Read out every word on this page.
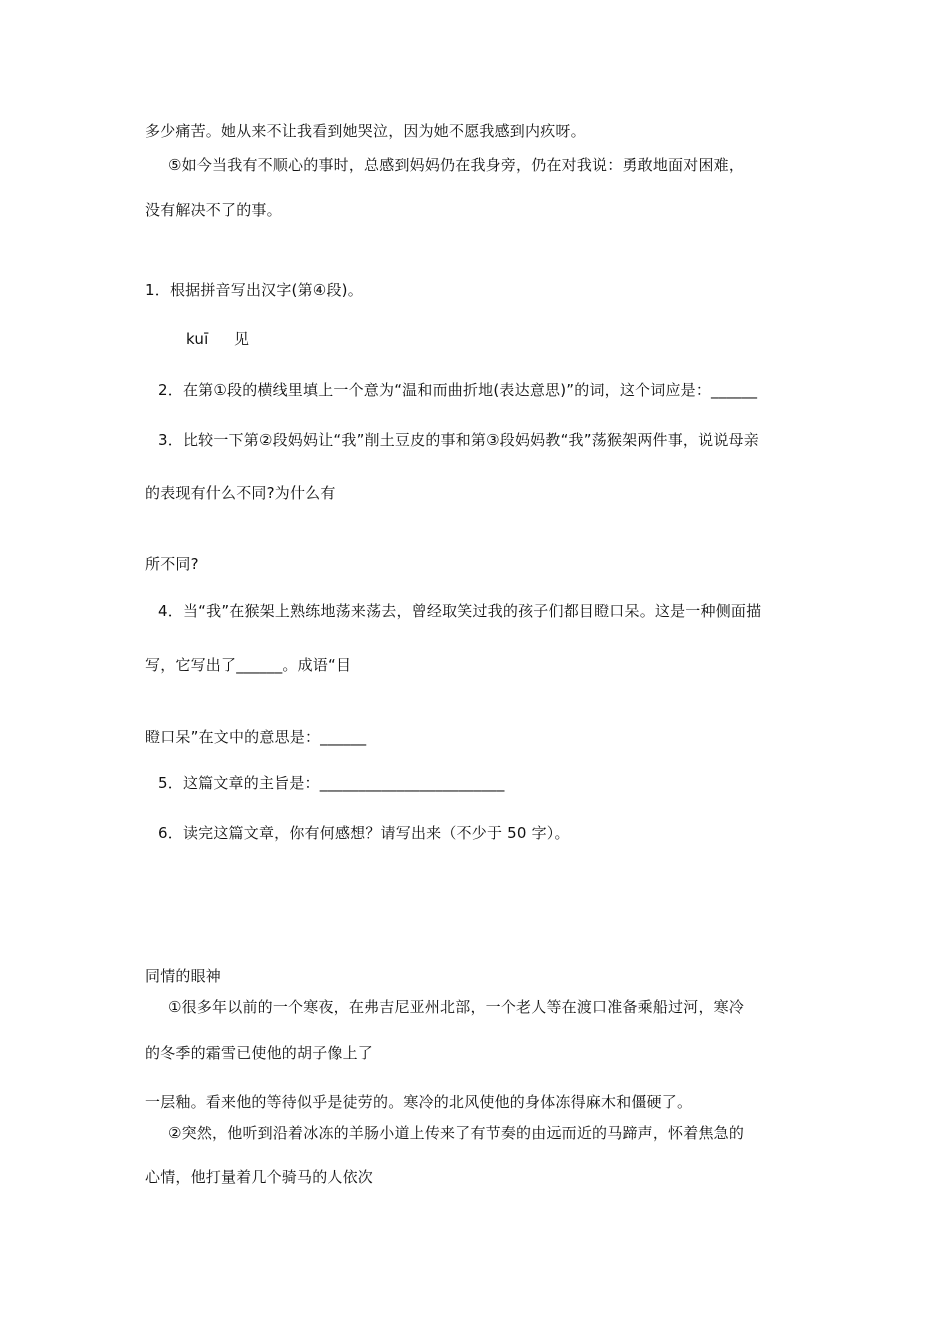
多少痛苦。她从来不让我看到她哭泣，因为她不愿我感到内疚呀。
⑤如今当我有不顺心的事时，总感到妈妈仍在我身旁，仍在对我说：勇敢地面对困难，
没有解决不了的事。
1．根据拼音写出汉字(第④段)。
kuī 见
2．在第①段的横线里填上一个意为“温和而曲折地(表达意思)”的词，这个词应是：______
3．比较一下第②段妈妈让“我”削土豆皮的事和第③段妈妈教“我”荡猴架两件事，说说母亲
的表现有什么不同?为什么有
所不同?
4．当“我”在猴架上熟练地荡来荡去，曾经取笑过我的孩子们都目瞪口呆。这是一种侧面描
写，它写出了______。成语“目
瞪口呆”在文中的意思是：______
5．这篇文章的主旨是：________________________
6．读完这篇文章，你有何感想？请写出来（不少于 50 字）。
同情的眼神
①很多年以前的一个寒夜，在弗吉尼亚州北部，一个老人等在渡口准备乘船过河，寒冷
的冬季的霜雪已使他的胡子像上了
一层釉。看来他的等待似乎是徒劳的。寒冷的北风使他的身体冻得麻木和僵硬了。
②突然，他听到沿着冰冻的羊肠小道上传来了有节奏的由远而近的马蹄声，怀着焦急的
心情，他打量着几个骑马的人依次
